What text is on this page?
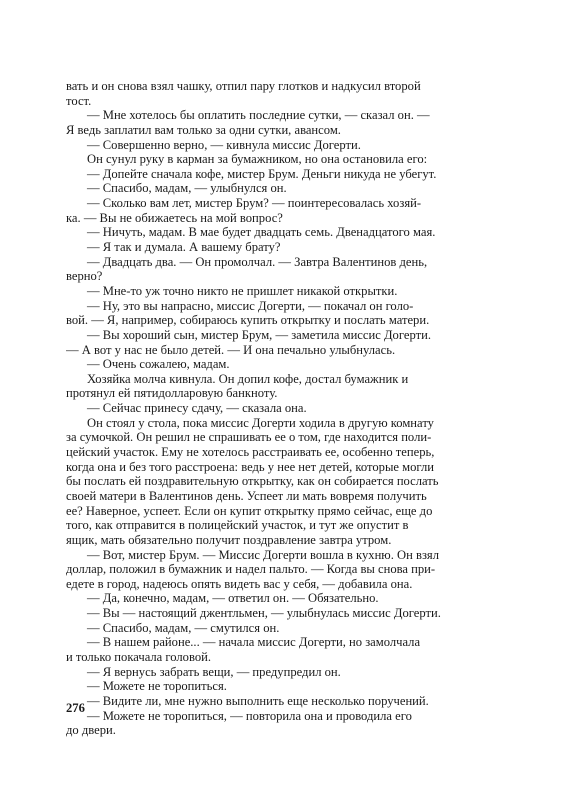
вать и он снова взял чашку, отпил пару глотков и надкусил второй
тост.
— Мне хотелось бы оплатить последние сутки, — сказал он. —
Я ведь заплатил вам только за одни сутки, авансом.
— Совершенно верно, — кивнула миссис Догерти.
Он сунул руку в карман за бумажником, но она остановила его:
— Допейте сначала кофе, мистер Брум. Деньги никуда не убегут.
— Спасибо, мадам, — улыбнулся он.
— Сколько вам лет, мистер Брум? — поинтересовалась хозяй-
ка. — Вы не обижаетесь на мой вопрос?
— Ничуть, мадам. В мае будет двадцать семь. Двенадцатого мая.
— Я так и думала. А вашему брату?
— Двадцать два. — Он промолчал. — Завтра Валентинов день,
верно?
— Мне-то уж точно никто не пришлет никакой открытки.
— Ну, это вы напрасно, миссис Догерти, — покачал он голо-
вой. — Я, например, собираюсь купить открытку и послать матери.
— Вы хороший сын, мистер Брум, — заметила миссис Догерти.
— А вот у нас не было детей. — И она печально улыбнулась.
— Очень сожалею, мадам.
Хозяйка молча кивнула. Он допил кофе, достал бумажник и
протянул ей пятидолларовую банкноту.
— Сейчас принесу сдачу, — сказала она.
Он стоял у стола, пока миссис Догерти ходила в другую комнату
за сумочкой. Он решил не спрашивать ее о том, где находится поли-
цейский участок. Ему не хотелось расстраивать ее, особенно теперь,
когда она и без того расстроена: ведь у нее нет детей, которые могли
бы послать ей поздравительную открытку, как он собирается послать
своей матери в Валентинов день. Успеет ли мать вовремя получить
ее? Наверное, успеет. Если он купит открытку прямо сейчас, еще до
того, как отправится в полицейский участок, и тут же опустит в
ящик, мать обязательно получит поздравление завтра утром.
— Вот, мистер Брум. — Миссис Догерти вошла в кухню. Он взял
доллар, положил в бумажник и надел пальто. — Когда вы снова при-
едете в город, надеюсь опять видеть вас у себя, — добавила она.
— Да, конечно, мадам, — ответил он. — Обязательно.
— Вы — настоящий джентльмен, — улыбнулась миссис Догерти.
— Спасибо, мадам, — смутился он.
— В нашем районе... — начала миссис Догерти, но замолчала
и только покачала головой.
— Я вернусь забрать вещи, — предупредил он.
— Можете не торопиться.
— Видите ли, мне нужно выполнить еще несколько поручений.
— Можете не торопиться, — повторила она и проводила его
до двери.
276
